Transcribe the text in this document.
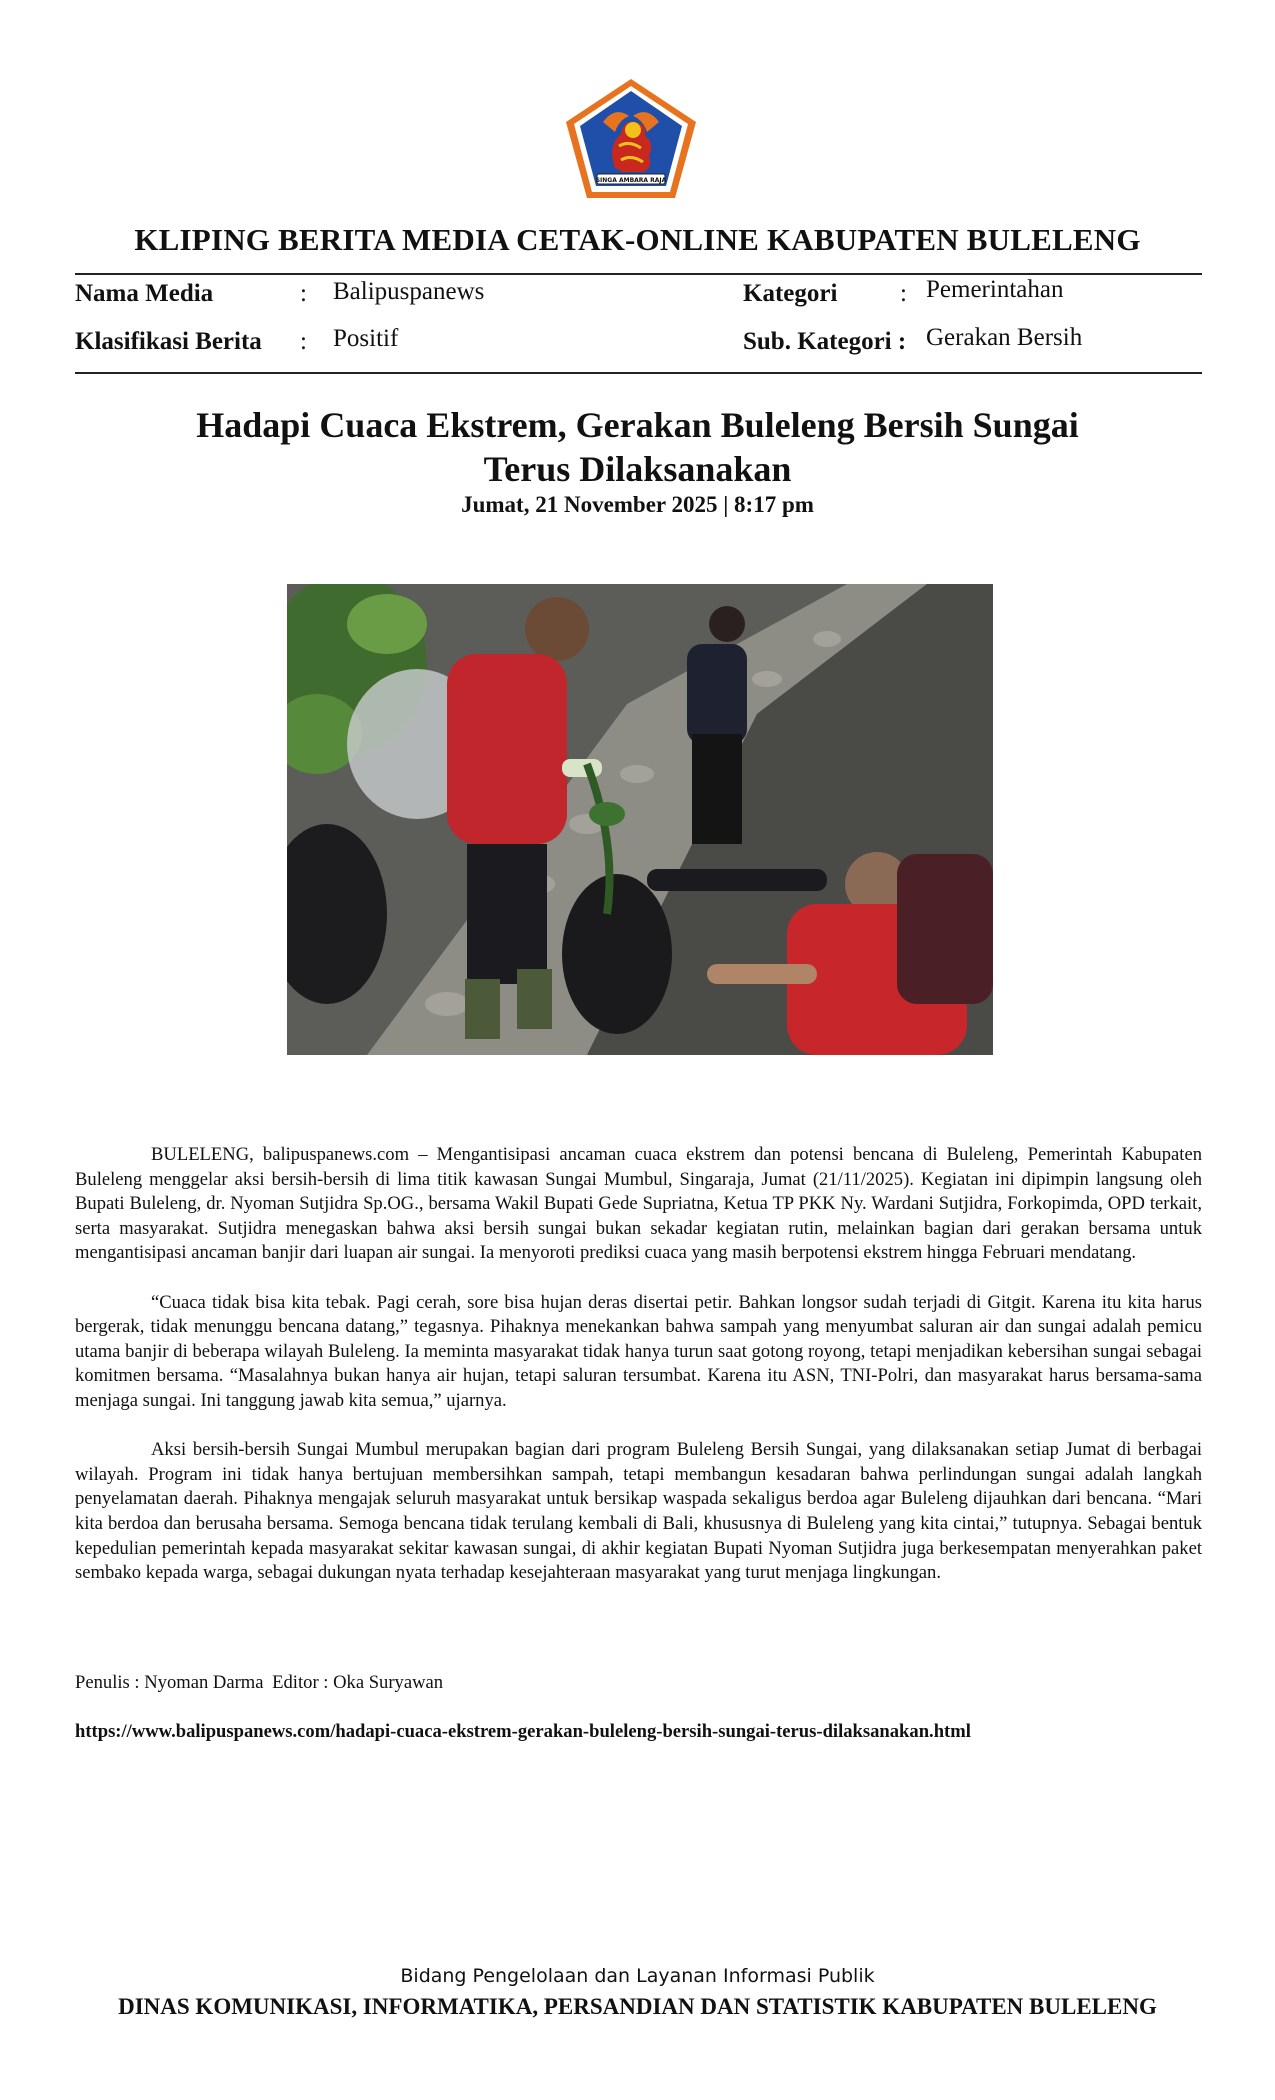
SINGA AMBARA RAJA
KLIPING BERITA MEDIA CETAK-ONLINE KABUPATEN BULELENG
Nama Media	: Balipuspanews
Klasifikasi Berita : Positif
Kategori	: Pemerintahan
Sub. Kategori : Gerakan Bersih
Hadapi Cuaca Ekstrem, Gerakan Buleleng Bersih Sungai
Terus Dilaksanakan
Jumat, 21 November 2025 | 8:17 pm

BULELENG, balipuspanews.com – Mengantisipasi ancaman cuaca ekstrem dan potensi bencana di Buleleng, Pemerintah Kabupaten Buleleng menggelar aksi bersih-bersih di lima titik kawasan Sungai Mumbul, Singaraja, Jumat (21/11/2025). Kegiatan ini dipimpin langsung oleh Bupati Buleleng, dr. Nyoman Sutjidra Sp.OG., bersama Wakil Bupati Gede Supriatna, Ketua TP PKK Ny. Wardani Sutjidra, Forkopimda, OPD terkait, serta masyarakat. Sutjidra menegaskan bahwa aksi bersih sungai bukan sekadar kegiatan rutin, melainkan bagian dari gerakan bersama untuk mengantisipasi ancaman banjir dari luapan air sungai. Ia menyoroti prediksi cuaca yang masih berpotensi ekstrem hingga Februari mendatang.

“Cuaca tidak bisa kita tebak. Pagi cerah, sore bisa hujan deras disertai petir. Bahkan longsor sudah terjadi di Gitgit. Karena itu kita harus bergerak, tidak menunggu bencana datang,” tegasnya. Pihaknya menekankan bahwa sampah yang menyumbat saluran air dan sungai adalah pemicu utama banjir di beberapa wilayah Buleleng. Ia meminta masyarakat tidak hanya turun saat gotong royong, tetapi menjadikan kebersihan sungai sebagai komitmen bersama. “Masalahnya bukan hanya air hujan, tetapi saluran tersumbat. Karena itu ASN, TNI-Polri, dan masyarakat harus bersama-sama menjaga sungai. Ini tanggung jawab kita semua,” ujarnya.

Aksi bersih-bersih Sungai Mumbul merupakan bagian dari program Buleleng Bersih Sungai, yang dilaksanakan setiap Jumat di berbagai wilayah. Program ini tidak hanya bertujuan membersihkan sampah, tetapi membangun kesadaran bahwa perlindungan sungai adalah langkah penyelamatan daerah. Pihaknya mengajak seluruh masyarakat untuk bersikap waspada sekaligus berdoa agar Buleleng dijauhkan dari bencana. “Mari kita berdoa dan berusaha bersama. Semoga bencana tidak terulang kembali di Bali, khususnya di Buleleng yang kita cintai,” tutupnya. Sebagai bentuk kepedulian pemerintah kepada masyarakat sekitar kawasan sungai, di akhir kegiatan Bupati Nyoman Sutjidra juga berkesempatan menyerahkan paket sembako kepada warga, sebagai dukungan nyata terhadap kesejahteraan masyarakat yang turut menjaga lingkungan.

Penulis : Nyoman Darma Editor : Oka Suryawan
https://www.balipuspanews.com/hadapi-cuaca-ekstrem-gerakan-buleleng-bersih-sungai-terus-dilaksanakan.html
Bidang Pengelolaan dan Layanan Informasi Publik
DINAS KOMUNIKASI, INFORMATIKA, PERSANDIAN DAN STATISTIK KABUPATEN BULELENG
